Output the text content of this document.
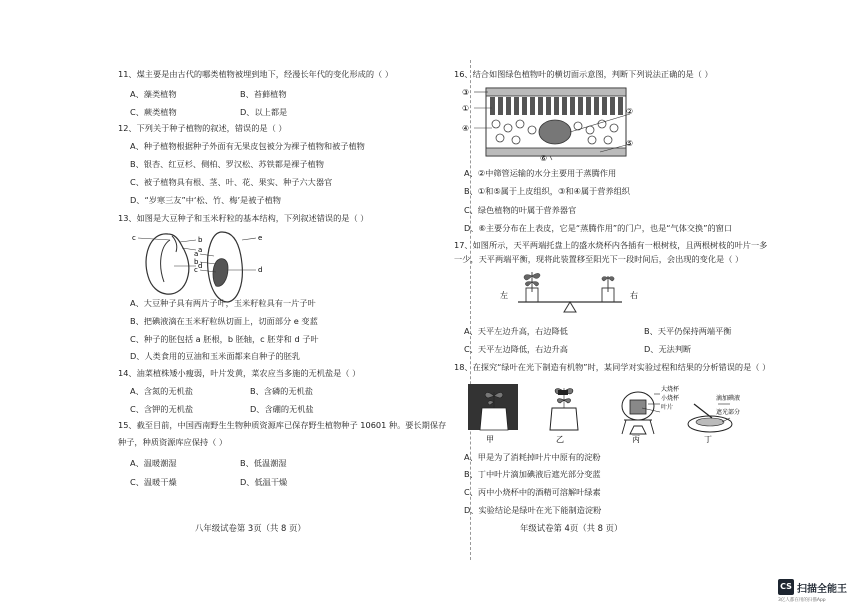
11、煤主要是由古代的哪类植物被埋到地下，经漫长年代的变化形成的（ ）
A、藻类植物	B、苔藓植物
C、蕨类植物	D、以上都是
12、下列关于种子植物的叙述，错误的是（ ）
A、种子植物根据种子外面有无果皮包被分为裸子植物和被子植物
B、银杏、红豆杉、侧柏、罗汉松、苏铁都是裸子植物
C、被子植物具有根、茎、叶、花、果实、种子六大器官
D、“岁寒三友”中‘松、竹、梅’是被子植物
13、如图是大豆种子和玉米籽粒的基本结构，下列叙述错误的是（ ）
c	b
a
d
e
a
b
c	d
A、大豆种子具有两片子叶，玉米籽粒具有一片子叶
B、把碘液滴在玉米籽粒纵切面上，切面部分 e 变蓝
C、种子的胚包括 a 胚根，b 胚轴，c 胚芽和 d 子叶
D、人类食用的豆油和玉米面都来自种子的胚乳
14、油菜植株矮小瘦弱，叶片发黄，菜农应当多施的无机盐是（ ）
A、含氮的无机盐	B、含磷的无机盐
C、含钾的无机盐	D、含硼的无机盐
15、截至目前，中国西南野生生物种质资源库已保存野生植物种子 10601 种。要长期保存
种子，种质资源库应保持（ ）
A、温暖潮湿	B、低温潮湿
C、温暖干燥	D、低温干燥
八年级试卷第 3页（共 8 页）
16、结合如图绿色植物叶的横切面示意图，判断下列说法正确的是（ ）
③
①
④
②
⑥
⑤
A、②中筛管运输的水分主要用于蒸腾作用
B、①和⑤属于上皮组织，③和④属于营养组织
C、绿色植物的叶属于营养器官
D、⑥主要分布在上表皮，它是“蒸腾作用”的门户，也是“气体交换”的窗口
17、如图所示，天平两端托盘上的盛水烧杯内各插有一根树枝，且两根树枝的叶片一多
一少，天平两端平衡，现将此装置移至阳光下一段时间后，会出现的变化是（ ）
左	右
A、天平左边升高，右边降低	B、天平仍保持两端平衡
C、天平左边降低，右边升高	D、无法判断
18、在探究“绿叶在光下制造有机物”时，某同学对实验过程和结果的分析错误的是（ ）
大烧杯
小烧杯
叶片
滴加碘液
遮光部分
甲	乙	丙	丁
A、甲是为了消耗掉叶片中原有的淀粉
B、丁中叶片滴加碘液后遮光部分变蓝
C、丙中小烧杯中的酒精可溶解叶绿素
D、实验结论是绿叶在光下能制造淀粉
年级试卷第 4页（共 8 页）
CS 扫描全能王
3亿人都在用的扫描App
